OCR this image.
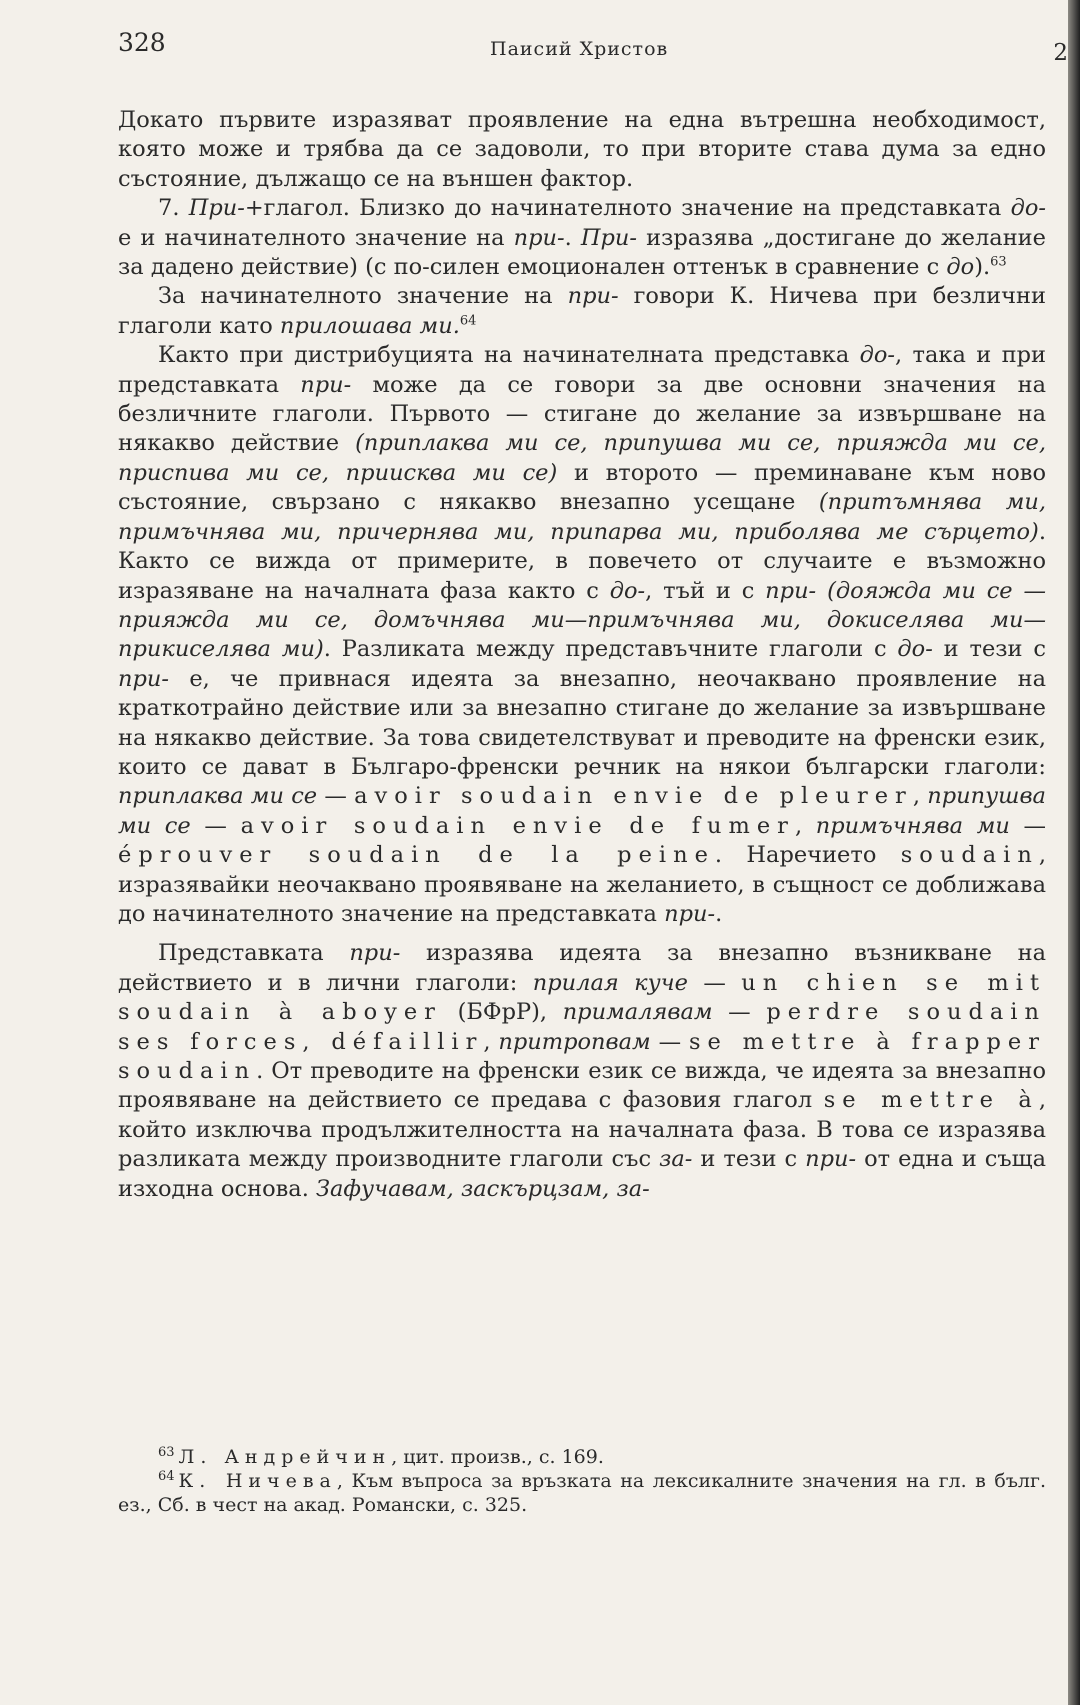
328	Паисий Христов	2

Докато първите изразяват проявление на една вътрешна необходимост, която може и трябва да се задоволи, то при вторите става дума за едно състояние, дължащо се на външен фактор.

7. При-+глагол. Близко до начинателното значение на представката до- е и начинателното значение на при-. При- изразява „достигане до желание за дадено действие) (с по-силен емоционален оттенък в сравнение с до).$^{63}$

За начинателното значение на при- говори К. Ничева при безлични глаголи като прилошава ми.$^{64}$

Както при дистрибуцията на начинателната представка до-, така и при представката при- може да се говори за две основни значения на безличните глаголи. Първото — стигане до желание за извършване на някакво действие (приплаква ми се, припушва ми се, прияжда ми се, приспива ми се, приисква ми се) и второто — преминаване към ново състояние, свързано с някакво внезапно усещане (притъмнява ми, примъчнява ми, причернява ми, припарва ми, приболява ме сърцето). Както се вижда от примерите, в повечето от случаите е възможно изразяване на началната фаза както с до-, тъй и с при- (дояжда ми се — прияжда ми се, домъчнява ми—примъчнява ми, докиселява ми—прикиселява ми). Разликата между представъчните глаголи с до- и тези с при- е, че привнася идеята за внезапно, неочаквано проявление на краткотрайно действие или за внезапно стигане до желание за извършване на някакво действие. За това свидетелствуват и преводите на френски език, които се дават в Българо-френски речник на някои български глаголи: приплаква ми се — avoir soudain envie de pleurer, припушва ми се — avoir soudain envie de fumer, примъчнява ми — éprouver soudain de la peine. Наречието soudain, изразявайки неочаквано проявяване на желанието, в същност се доближава до начинателното значение на представката при-.

Представката при- изразява идеята за внезапно възникване на действието и в лични глаголи: прилая куче — un chien se mit soudain à aboyer (БФрР), прималявам — perdre soudain ses forces, défaillir, притропвам — se mettre à frapper soudain. От преводите на френски език се вижда, че идеята за внезапно проявяване на действието се предава с фазовия глагол se mettre à, който изключва продължителността на началната фаза. В това се изразява разликата между производните глаголи със за- и тези с при- от една и съща изходна основа. Зафучавам, заскърцзам, за-

$^{63}$ Л. Андрейчин, цит. произв., с. 169.

$^{64}$ К. Ничева, Към въпроса за връзката на лексикалните значения на гл. в бълг. ез., Сб. в чест на акад. Романски, с. 325.
